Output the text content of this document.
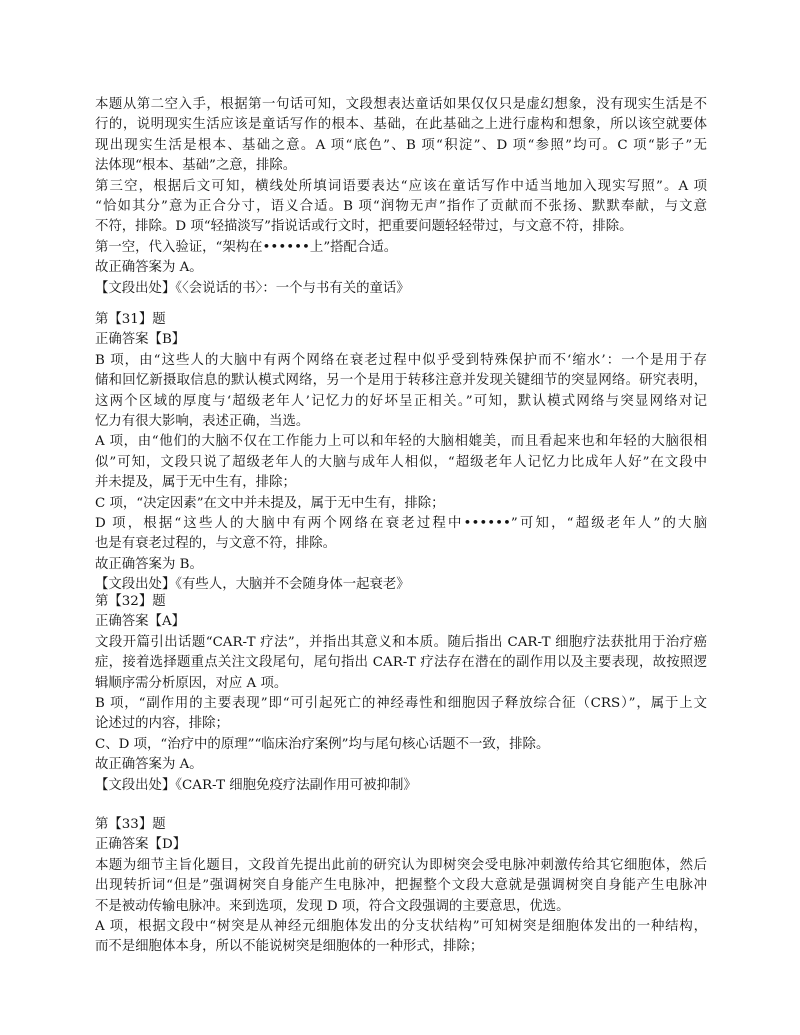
本题从第二空入手，根据第一句话可知，文段想表达童话如果仅仅只是虚幻想象，没有现实生活是不
行的，说明现实生活应该是童话写作的根本、基础，在此基础之上进行虚构和想象，所以该空就要体
现出现实生活是根本、基础之意。A 项“底色”、B 项“积淀”、D 项“参照”均可。C 项“影子”无
法体现“根本、基础”之意，排除。
第三空，根据后文可知，横线处所填词语要表达“应该在童话写作中适当地加入现实写照”。A 项
“恰如其分”意为正合分寸，语义合适。B 项“润物无声”指作了贡献而不张扬、默默奉献，与文意
不符，排除。D 项“轻描淡写”指说话或行文时，把重要问题轻轻带过，与文意不符，排除。
第一空，代入验证，“架构在••••••上”搭配合适。
故正确答案为 A。
【文段出处】《〈会说话的书〉：一个与书有关的童话》
第【31】题
正确答案【B】
B 项，由“这些人的大脑中有两个网络在衰老过程中似乎受到特殊保护而不‘缩水’：一个是用于存
储和回忆新摄取信息的默认模式网络，另一个是用于转移注意并发现关键细节的突显网络。研究表明，
这两个区域的厚度与‘超级老年人’记忆力的好坏呈正相关。”可知，默认模式网络与突显网络对记
忆力有很大影响，表述正确，当选。
A 项，由“他们的大脑不仅在工作能力上可以和年轻的大脑相媲美，而且看起来也和年轻的大脑很相
似”可知，文段只说了超级老年人的大脑与成年人相似，“超级老年人记忆力比成年人好”在文段中
并未提及，属于无中生有，排除；
C 项，“决定因素”在文中并未提及，属于无中生有，排除；
D 项，根据“这些人的大脑中有两个网络在衰老过程中••••••”可知，“超级老年人”的大脑
也是有衰老过程的，与文意不符，排除。
故正确答案为 B。
【文段出处】《有些人，大脑并不会随身体一起衰老》
第【32】题
正确答案【A】
文段开篇引出话题“CAR-T 疗法”，并指出其意义和本质。随后指出 CAR-T 细胞疗法获批用于治疗癌
症，接着选择题重点关注文段尾句，尾句指出 CAR-T 疗法存在潜在的副作用以及主要表现，故按照逻
辑顺序需分析原因，对应 A 项。
B 项，“副作用的主要表现”即“可引起死亡的神经毒性和细胞因子释放综合征（CRS）”，属于上文
论述过的内容，排除；
C、D 项，“治疗中的原理”“临床治疗案例”均与尾句核心话题不一致，排除。
故正确答案为 A。
【文段出处】《CAR-T 细胞免疫疗法副作用可被抑制》
第【33】题
正确答案【D】
本题为细节主旨化题目，文段首先提出此前的研究认为即树突会受电脉冲刺激传给其它细胞体，然后
出现转折词“但是”强调树突自身能产生电脉冲，把握整个文段大意就是强调树突自身能产生电脉冲
不是被动传输电脉冲。来到选项，发现 D 项，符合文段强调的主要意思，优选。
A 项，根据文段中“树突是从神经元细胞体发出的分支状结构”可知树突是细胞体发出的一种结构，
而不是细胞体本身，所以不能说树突是细胞体的一种形式，排除；
